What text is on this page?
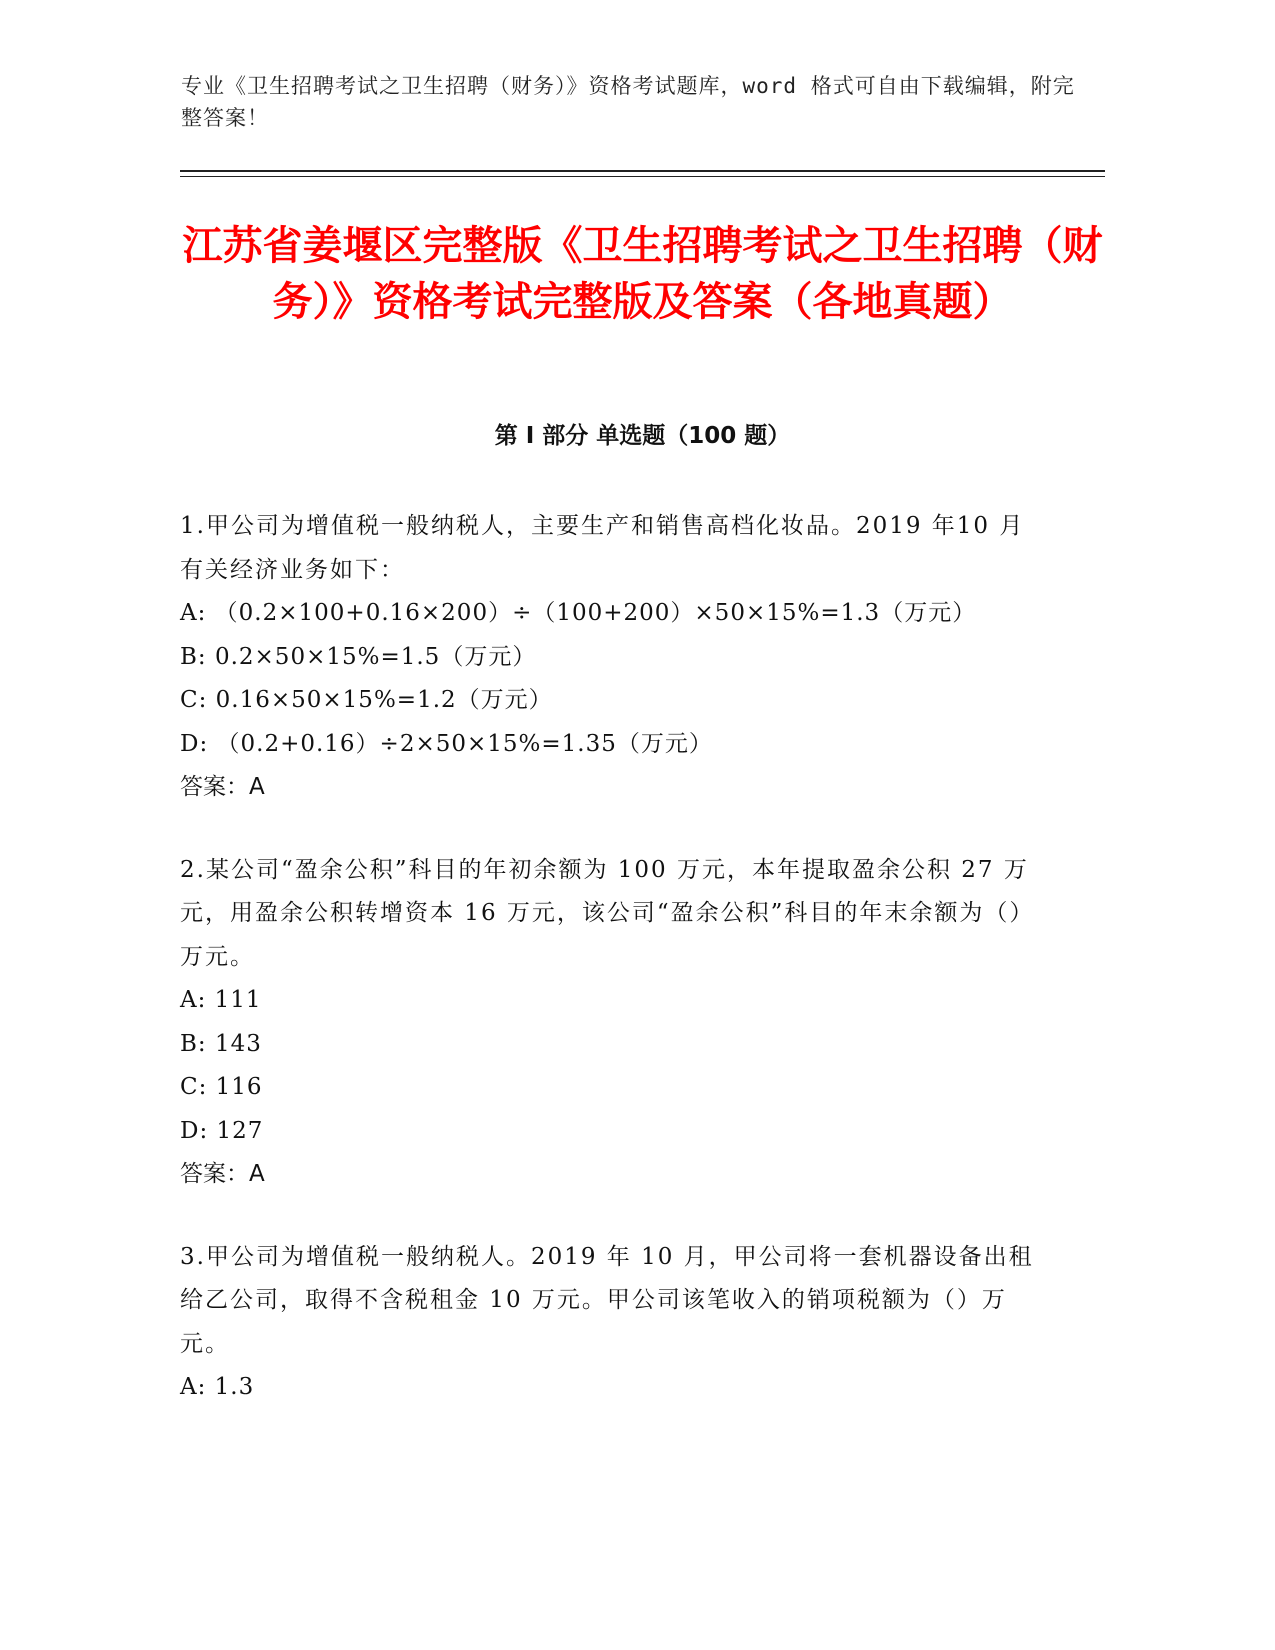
专业《卫生招聘考试之卫生招聘（财务）》资格考试题库，word 格式可自由下载编辑，附完整答案！
江苏省姜堰区完整版《卫生招聘考试之卫生招聘（财务）》资格考试完整版及答案（各地真题）
第 I 部分 单选题（100 题）
1.甲公司为增值税一般纳税人，主要生产和销售高档化妆品。2019 年10 月有关经济业务如下：
A: （0.2×100+0.16×200）÷（100+200）×50×15%=1.3（万元）
B: 0.2×50×15%=1.5（万元）
C: 0.16×50×15%=1.2（万元）
D: （0.2+0.16）÷2×50×15%=1.35（万元）
答案：A
2.某公司“盈余公积”科目的年初余额为 100 万元，本年提取盈余公积 27 万元，用盈余公积转增资本 16 万元，该公司“盈余公积”科目的年末余额为（）万元。
A: 111
B: 143
C: 116
D: 127
答案：A
3.甲公司为增值税一般纳税人。2019 年 10 月，甲公司将一套机器设备出租给乙公司，取得不含税租金 10 万元。甲公司该笔收入的销项税额为（）万元。
A: 1.3
